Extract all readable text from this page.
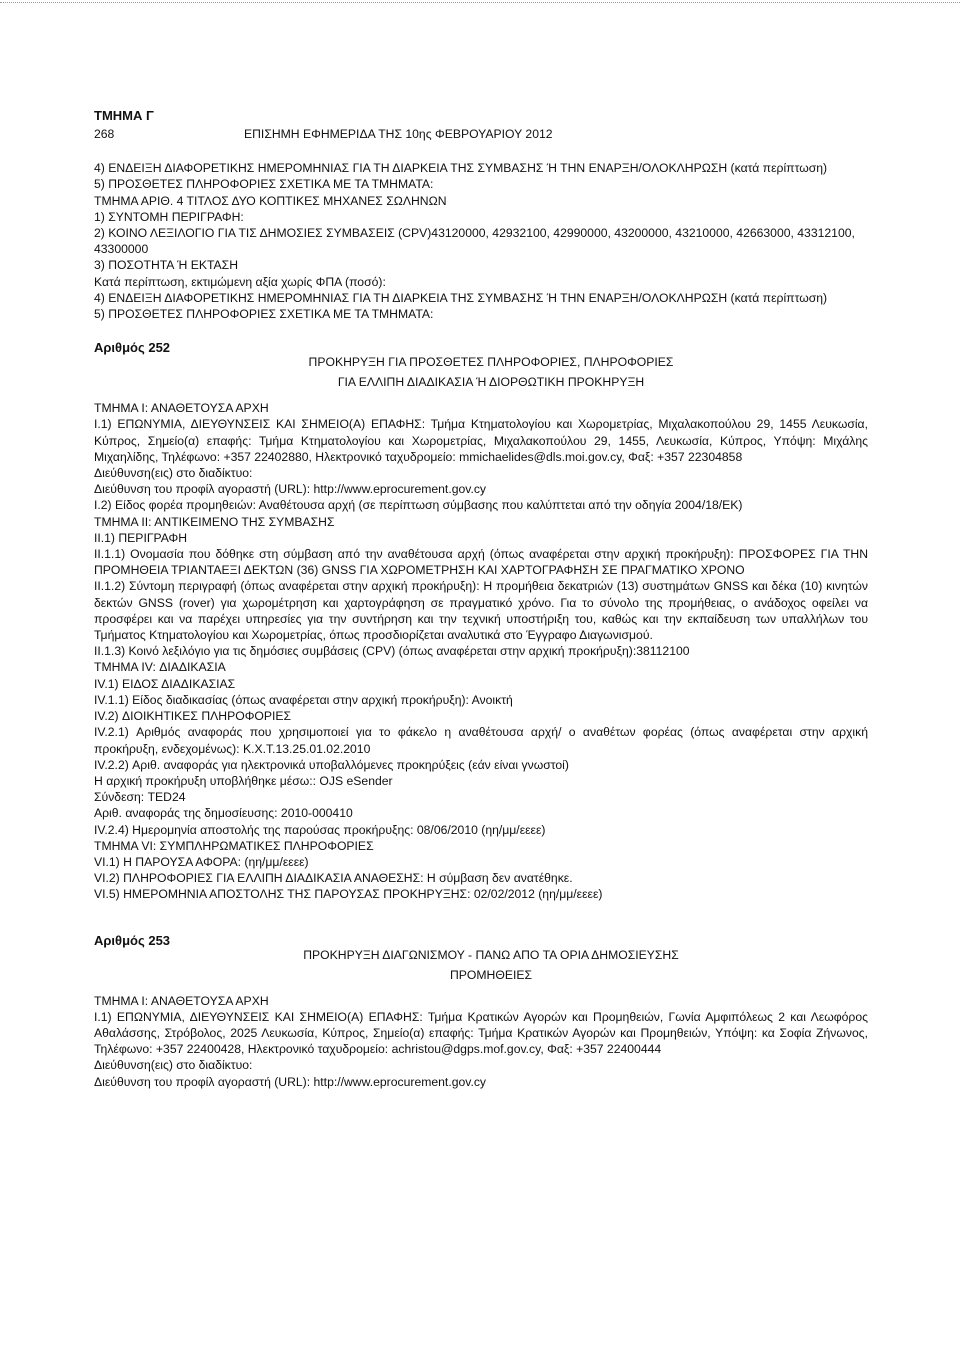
ΤΜΗΜΑ Γ

268	ΕΠΙΣΗΜΗ ΕΦΗΜΕΡΙΔΑ ΤΗΣ 10ης ΦΕΒΡΟΥΑΡΙΟΥ 2012

4) ΕΝΔΕΙΞΗ ΔΙΑΦΟΡΕΤΙΚΗΣ ΗΜΕΡΟΜΗΝΙΑΣ ΓΙΑ ΤΗ ΔΙΑΡΚΕΙΑ ΤΗΣ ΣΥΜΒΑΣΗΣ Ή ΤΗΝ ΕΝΑΡΞΗ/ΟΛΟΚΛΗΡΩΣΗ (κατά περίπτωση)

5) ΠΡΟΣΘΕΤΕΣ ΠΛΗΡΟΦΟΡΙΕΣ ΣΧΕΤΙΚΑ ΜΕ ΤΑ ΤΜΗΜΑΤΑ:

ΤΜΗΜΑ ΑΡΙΘ. 4 ΤΙΤΛΟΣ ΔΥΟ ΚΟΠΤΙΚΕΣ ΜΗΧΑΝΕΣ ΣΩΛΗΝΩΝ

1) ΣΥΝΤΟΜΗ ΠΕΡΙΓΡΑΦΗ:

2) ΚΟΙΝΟ ΛΕΞΙΛΟΓΙΟ ΓΙΑ ΤΙΣ ΔΗΜΟΣΙΕΣ ΣΥΜΒΑΣΕΙΣ (CPV)43120000, 42932100, 42990000, 43200000, 43210000, 42663000, 43312100, 43300000

3) ΠΟΣΟΤΗΤΑ Ή ΕΚΤΑΣΗ

Κατά περίπτωση, εκτιμώμενη αξία χωρίς ΦΠΑ (ποσό):

4) ΕΝΔΕΙΞΗ ΔΙΑΦΟΡΕΤΙΚΗΣ ΗΜΕΡΟΜΗΝΙΑΣ ΓΙΑ ΤΗ ΔΙΑΡΚΕΙΑ ΤΗΣ ΣΥΜΒΑΣΗΣ Ή ΤΗΝ ΕΝΑΡΞΗ/ΟΛΟΚΛΗΡΩΣΗ (κατά περίπτωση)

5) ΠΡΟΣΘΕΤΕΣ ΠΛΗΡΟΦΟΡΙΕΣ ΣΧΕΤΙΚΑ ΜΕ ΤΑ ΤΜΗΜΑΤΑ:

Αριθμός 252

ΠΡΟΚΗΡΥΞΗ ΓΙΑ ΠΡΟΣΘΕΤΕΣ ΠΛΗΡΟΦΟΡΙΕΣ, ΠΛΗΡΟΦΟΡΙΕΣ

ΓΙΑ ΕΛΛΙΠΗ ΔΙΑΔΙΚΑΣΙΑ Ή ΔΙΟΡΘΩΤΙΚΗ ΠΡΟΚΗΡΥΞΗ

ΤΜΗΜΑ Ι: ΑΝΑΘΕΤΟΥΣΑ ΑΡΧΗ

Ι.1) ΕΠΩΝΥΜΙΑ, ΔΙΕΥΘΥΝΣΕΙΣ ΚΑΙ ΣΗΜΕΙΟ(Α) ΕΠΑΦΗΣ: Τμήμα Κτηματολογίου και Χωρομετρίας, Μιχαλακοπούλου 29, 1455 Λευκωσία, Κύπρος, Σημείο(α) επαφής: Τμήμα Κτηματολογίου και Χωρομετρίας, Μιχαλακοπούλου 29, 1455, Λευκωσία, Κύπρος, Υπόψη: Μιχάλης Μιχαηλίδης, Τηλέφωνο: +357 22402880, Ηλεκτρονικό ταχυδρομείο: mmichaelides@dls.moi.gov.cy, Φαξ: +357 22304858

Διεύθυνση(εις) στο διαδίκτυο:

Διεύθυνση του προφίλ αγοραστή (URL): http://www.eprocurement.gov.cy

Ι.2) Είδος φορέα προμηθειών: Αναθέτουσα αρχή (σε περίπτωση σύμβασης που καλύπτεται από την οδηγία 2004/18/ΕΚ)

ΤΜΗΜΑ ΙΙ: ΑΝΤΙΚΕΙΜΕΝΟ ΤΗΣ ΣΥΜΒΑΣΗΣ

ΙΙ.1) ΠΕΡΙΓΡΑΦΗ

ΙΙ.1.1) Ονομασία που δόθηκε στη σύμβαση από την αναθέτουσα αρχή (όπως αναφέρεται στην αρχική προκήρυξη): ΠΡΟΣΦΟΡΕΣ ΓΙΑ ΤΗΝ ΠΡΟΜΗΘΕΙΑ ΤΡΙΑΝΤΑΕΞΙ ΔΕΚΤΩΝ (36) GNSS ΓΙΑ ΧΩΡΟΜΕΤΡΗΣΗ ΚΑΙ ΧΑΡΤΟΓΡΑΦΗΣΗ ΣΕ ΠΡΑΓΜΑΤΙΚΟ ΧΡΟΝΟ

ΙΙ.1.2) Σύντομη περιγραφή (όπως αναφέρεται στην αρχική προκήρυξη): Η προμήθεια δεκατριών (13) συστημάτων GNSS και δέκα (10) κινητών δεκτών GNSS (rover) για χωρομέτρηση και χαρτογράφηση σε πραγματικό χρόνο. Για το σύνολο της προμήθειας, ο ανάδοχος οφείλει να προσφέρει και να παρέχει υπηρεσίες για την συντήρηση και την τεχνική υποστήριξη του, καθώς και την εκπαίδευση των υπαλλήλων του Τμήματος Κτηματολογίου και Χωρομετρίας, όπως προσδιορίζεται αναλυτικά στο Έγγραφο Διαγωνισμού.

ΙΙ.1.3) Κοινό λεξιλόγιο για τις δημόσιες συμβάσεις (CPV) (όπως αναφέρεται στην αρχική προκήρυξη):38112100

ΤΜΗΜΑ IV: ΔΙΑΔΙΚΑΣΙΑ

IV.1) ΕΙΔΟΣ ΔΙΑΔΙΚΑΣΙΑΣ

IV.1.1) Είδος διαδικασίας (όπως αναφέρεται στην αρχική προκήρυξη): Ανοικτή

IV.2) ΔΙΟΙΚΗΤΙΚΕΣ ΠΛΗΡΟΦΟΡΙΕΣ

IV.2.1) Αριθμός αναφοράς που χρησιμοποιεί για το φάκελο η αναθέτουσα αρχή/ ο αναθέτων φορέας (όπως αναφέρεται στην αρχική προκήρυξη, ενδεχομένως): Κ.Χ.Τ.13.25.01.02.2010

IV.2.2) Αριθ. αναφοράς για ηλεκτρονικά υποβαλλόμενες προκηρύξεις (εάν είναι γνωστοί)

Η αρχική προκήρυξη υποβλήθηκε μέσω:: OJS eSender

Σύνδεση: TED24

Αριθ. αναφοράς της δημοσίευσης: 2010-000410

IV.2.4) Ημερομηνία αποστολής της παρούσας προκήρυξης: 08/06/2010 (ηη/μμ/εεεε)

ΤΜΗΜΑ VI: ΣΥΜΠΛΗΡΩΜΑΤΙΚΕΣ ΠΛΗΡΟΦΟΡΙΕΣ

VI.1) Η ΠΑΡΟΥΣΑ ΑΦΟΡΑ: (ηη/μμ/εεεε)

VI.2) ΠΛΗΡΟΦΟΡΙΕΣ ΓΙΑ ΕΛΛΙΠΗ ΔΙΑΔΙΚΑΣΙΑ ΑΝΑΘΕΣΗΣ: Η σύμβαση δεν ανατέθηκε.

VI.5) ΗΜΕΡΟΜΗΝΙΑ ΑΠΟΣΤΟΛΗΣ ΤΗΣ ΠΑΡΟΥΣΑΣ ΠΡΟΚΗΡΥΞΗΣ: 02/02/2012 (ηη/μμ/εεεε)

Αριθμός 253

ΠΡΟΚΗΡΥΞΗ ΔΙΑΓΩΝΙΣΜΟΥ - ΠΑΝΩ ΑΠΟ ΤΑ ΟΡΙΑ ΔΗΜΟΣΙΕΥΣΗΣ

ΠΡΟΜΗΘΕΙΕΣ

ΤΜΗΜΑ Ι: ΑΝΑΘΕΤΟΥΣΑ ΑΡΧΗ

Ι.1) ΕΠΩΝΥΜΙΑ, ΔΙΕΥΘΥΝΣΕΙΣ ΚΑΙ ΣΗΜΕΙΟ(Α) ΕΠΑΦΗΣ: Τμήμα Κρατικών Αγορών και Προμηθειών, Γωνία Αμφιπόλεως 2 και Λεωφόρος Αθαλάσσης, Στρόβολος, 2025 Λευκωσία, Κύπρος, Σημείο(α) επαφής: Τμήμα Κρατικών Αγορών και Προμηθειών, Υπόψη: κα Σοφία Ζήνωνος, Τηλέφωνο: +357 22400428, Ηλεκτρονικό ταχυδρομείο: achristou@dgps.mof.gov.cy, Φαξ: +357 22400444

Διεύθυνση(εις) στο διαδίκτυο:

Διεύθυνση του προφίλ αγοραστή (URL): http://www.eprocurement.gov.cy
